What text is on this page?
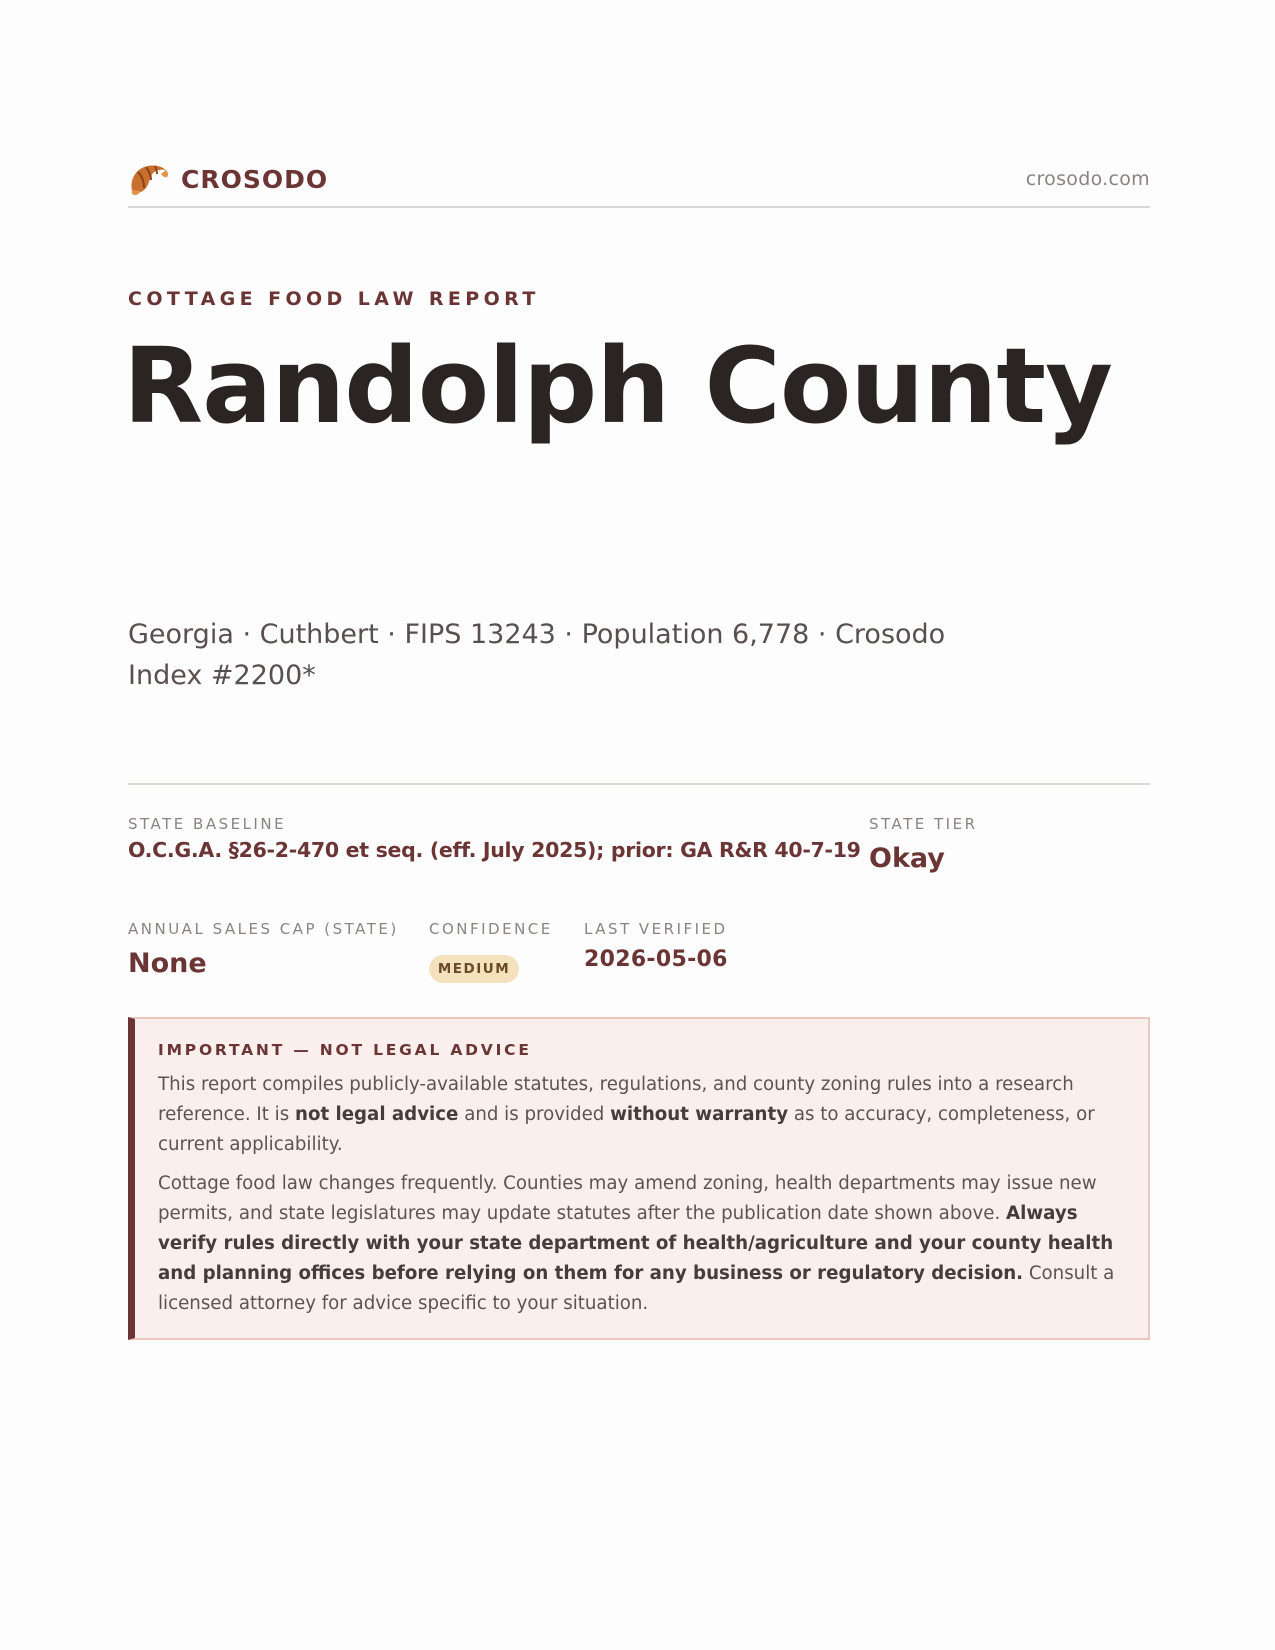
CROSODO	crosodo.com
COTTAGE FOOD LAW REPORT
Randolph County
Georgia · Cuthbert · FIPS 13243 · Population 6,778 · Crosodo Index #2200*
STATE BASELINE
O.C.G.A. §26-2-470 et seq. (eff. July 2025); prior: GA R&R 40-7-19
STATE TIER
Okay
ANNUAL SALES CAP (STATE)
None
CONFIDENCE
MEDIUM
LAST VERIFIED
2026-05-06
IMPORTANT — NOT LEGAL ADVICE

This report compiles publicly-available statutes, regulations, and county zoning rules into a research reference. It is not legal advice and is provided without warranty as to accuracy, completeness, or current applicability.

Cottage food law changes frequently. Counties may amend zoning, health departments may issue new permits, and state legislatures may update statutes after the publication date shown above. Always verify rules directly with your state department of health/agriculture and your county health and planning offices before relying on them for any business or regulatory decision. Consult a licensed attorney for advice specific to your situation.
